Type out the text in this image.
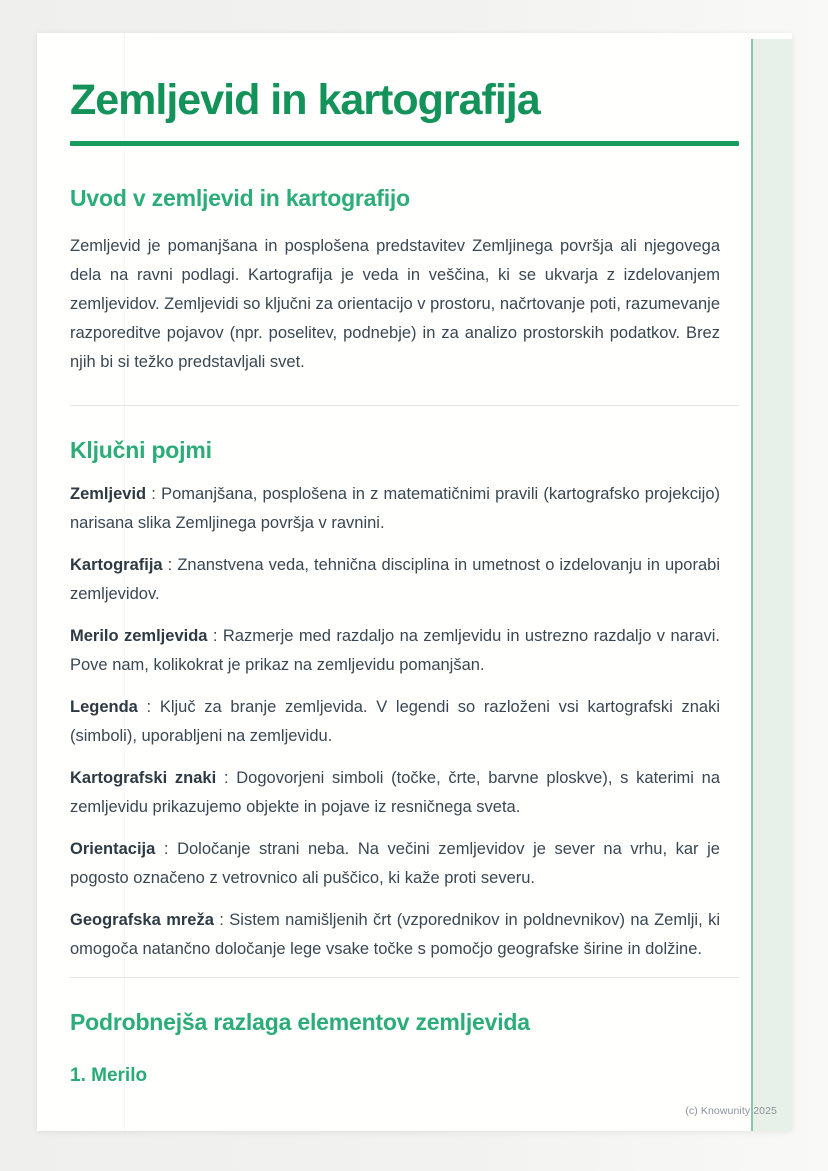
Zemljevid in kartografija
Uvod v zemljevid in kartografijo

Zemljevid je pomanjšana in posplošena predstavitev Zemljinega površja ali njegovega dela na ravni podlagi. Kartografija je veda in veščina, ki se ukvarja z izdelovanjem zemljevidov. Zemljevidi so ključni za orientacijo v prostoru, načrtovanje poti, razumevanje razporeditve pojavov (npr. poselitev, podnebje) in za analizo prostorskih podatkov. Brez njih bi si težko predstavljali svet.

Ključni pojmi

Zemljevid : Pomanjšana, posplošena in z matematičnimi pravili (kartografsko projekcijo) narisana slika Zemljinega površja v ravnini.

Kartografija : Znanstvena veda, tehnična disciplina in umetnost o izdelovanju in uporabi zemljevidov.

Merilo zemljevida : Razmerje med razdaljo na zemljevidu in ustrezno razdaljo v naravi. Pove nam, kolikokrat je prikaz na zemljevidu pomanjšan.

Legenda : Ključ za branje zemljevida. V legendi so razloženi vsi kartografski znaki (simboli), uporabljeni na zemljevidu.

Kartografski znaki : Dogovorjeni simboli (točke, črte, barvne ploskve), s katerimi na zemljevidu prikazujemo objekte in pojave iz resničnega sveta.

Orientacija : Določanje strani neba. Na večini zemljevidov je sever na vrhu, kar je pogosto označeno z vetrovnico ali puščico, ki kaže proti severu.

Geografska mreža : Sistem namišljenih črt (vzporednikov in poldnevnikov) na Zemlji, ki omogoča natančno določanje lege vsake točke s pomočjo geografske širine in dolžine.

Podrobnejša razlaga elementov zemljevida
1. Merilo
(c) Knowunity 2025
